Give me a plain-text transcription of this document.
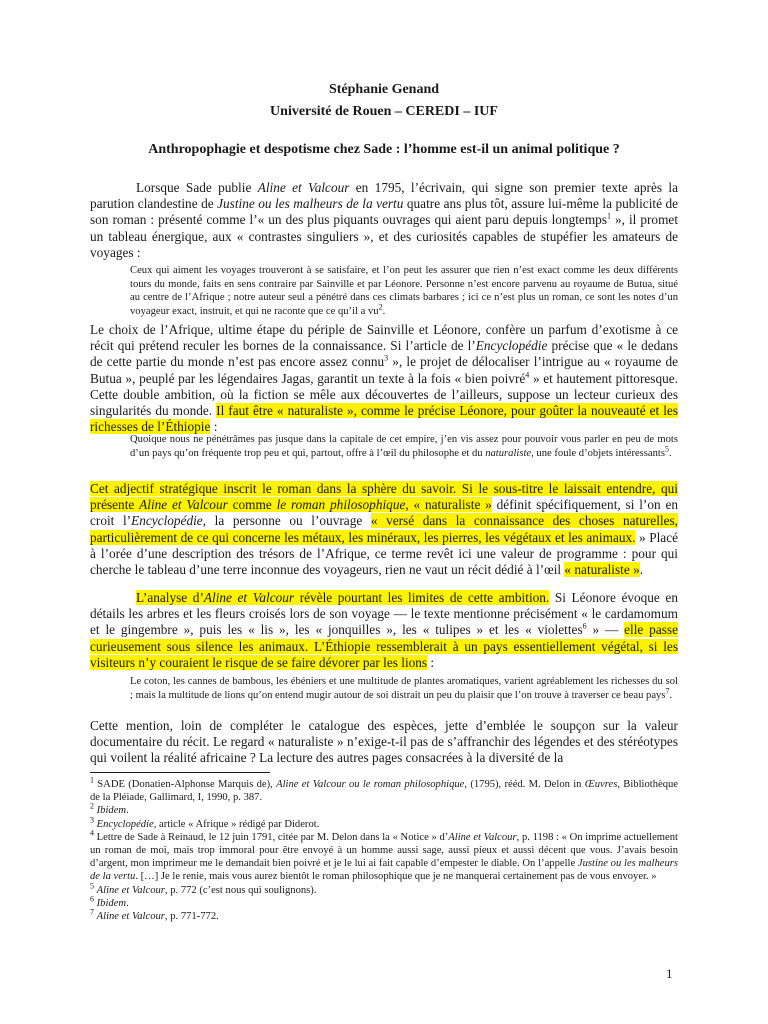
Stéphanie Genand
Université de Rouen – CEREDI – IUF
Anthropophagie et despotisme chez Sade : l’homme est-il un animal politique ?

Lorsque Sade publie Aline et Valcour en 1795, l’écrivain, qui signe son premier texte après la parution clandestine de Justine ou les malheurs de la vertu quatre ans plus tôt, assure lui-même la publicité de son roman : présenté comme l’« un des plus piquants ouvrages qui aient paru depuis longtemps$^1$ », il promet un tableau énergique, aux « contrastes singuliers », et des curiosités capables de stupéfier les amateurs de voyages :

Ceux qui aiment les voyages trouveront à se satisfaire, et l’on peut les assurer que rien n’est exact comme les deux différents tours du monde, faits en sens contraire par Sainville et par Léonore. Personne n’est encore parvenu au royaume de Butua, situé au centre de l’Afrique ; notre auteur seul a pénétré dans ces climats barbares ; ici ce n’est plus un roman, ce sont les notes d’un voyageur exact, instruit, et qui ne raconte que ce qu’il a $vu^2$.

Le choix de l’Afrique, ultime étape du périple de Sainville et Léonore, confère un parfum d’exotisme à ce récit qui prétend reculer les bornes de la connaissance. Si l’article de l’Encyclopédie précise que « le dedans de cette partie du monde n’est pas encore assez connu$^3$ », le projet de délocaliser l’intrigue au « royaume de Butua », peuplé par les légendaires Jagas, garantit un texte à la fois « bien poivré$^4$ » et hautement pittoresque. Cette double ambition, où la fiction se mêle aux découvertes de l’ailleurs, suppose un lecteur curieux des singularités du monde. Il faut être « naturaliste », comme le précise Léonore, pour goûter la nouveauté et les richesses de l’Éthiopie :

Quoique nous ne pénétrâmes pas jusque dans la capitale de cet empire, j’en vis assez pour pouvoir vous parler en peu de mots d’un pays qu’on fréquente trop peu et qui, partout, offre à l’œil du philosophe et du naturaliste, une foule d’objets intéressants$^5$.

Cet adjectif stratégique inscrit le roman dans la sphère du savoir. Si le sous-titre le laissait entendre, qui présente Aline et Valcour comme le roman philosophique, « naturaliste » définit spécifiquement, si l’on en croit l’Encyclopédie, la personne ou l’ouvrage « versé dans la connaissance des choses naturelles, particulièrement de ce qui concerne les métaux, les minéraux, les pierres, les végétaux et les animaux. » Placé à l’orée d’une description des trésors de l’Afrique, ce terme revêt ici une valeur de programme : pour qui cherche le tableau d’une terre inconnue des voyageurs, rien ne vaut un récit dédié à l’œil « naturaliste ».

L’analyse d’Aline et Valcour révèle pourtant les limites de cette ambition. Si Léonore évoque en détails les arbres et les fleurs croisés lors de son voyage — le texte mentionne précisément « le cardamomum et le gingembre », puis les « lis », les « jonquilles », les « tulipes » et les « violettes$^6$ » — elle passe curieusement sous silence les animaux. L’Éthiopie ressemblerait à un pays essentiellement végétal, si les visiteurs n’y couraient le risque de se faire dévorer par les lions :

Le coton, les cannes de bambous, les ébéniers et une multitude de plantes aromatiques, varient agréablement les richesses du sol ; mais la multitude de lions qu’on entend mugir autour de soi distrait un peu du plaisir que l’on trouve à traverser ce beau pays$^7$.

Cette mention, loin de compléter le catalogue des espèces, jette d’emblée le soupçon sur la valeur documentaire du récit. Le regard « naturaliste » n’exige-t-il pas de s’affranchir des légendes et des stéréotypes qui voilent la réalité africaine ? La lecture des autres pages consacrées à la diversité de la

$^1$ SADE (Donatien-Alphonse Marquis de), Aline et Valcour ou le roman philosophique, (1795), rééd. M. Delon in Œuvres, Bibliothèque de la Pléiade, Gallimard, I, 1990, p. 387.

$^2$ Ibidem.

$^3$ Encyclopédie, article « Afrique » rédigé par Diderot.

$^4$ Lettre de Sade à Reinaud, le 12 juin 1791, citée par M. Delon dans la « Notice » d’Aline et Valcour, p. 1198 : « On imprime actuellement un roman de moi, mais trop immoral pour être envoyé à un homme aussi sage, aussi pieux et aussi décent que vous. J’avais besoin d’argent, mon imprimeur me le demandait bien poivré et je le lui ai fait capable d’empester le diable. On l’appelle Justine ou les malheurs de la vertu. […] Je le renie, mais vous aurez bientôt le roman philosophique que je ne manquerai certainement pas de vous envoyer. »

$^5$ Aline et Valcour, p. 772 (c’est nous qui soulignons).

$^6$ Ibidem.

$^7$ Aline et Valcour, p. 771-772.

1
